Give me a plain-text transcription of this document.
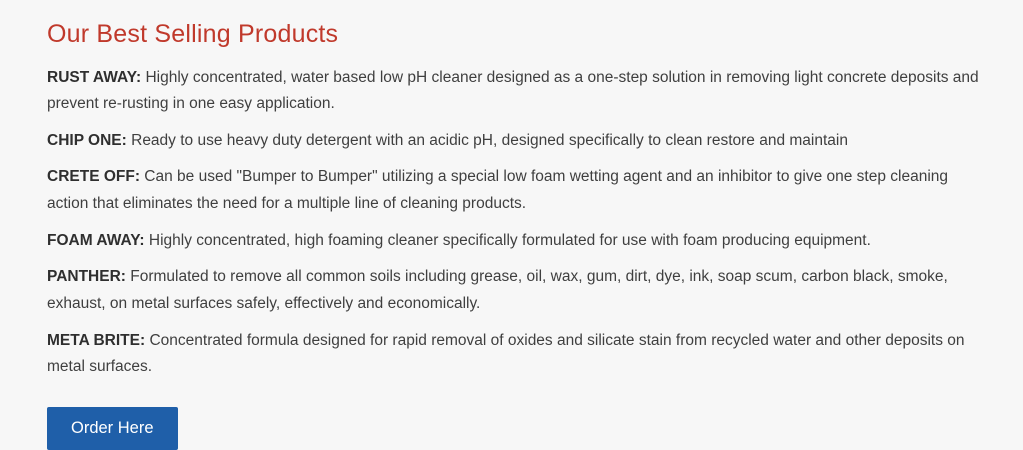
Our Best Selling Products
RUST AWAY: Highly concentrated, water based low pH cleaner designed as a one-step solution in removing light concrete deposits and prevent re-rusting in one easy application.
CHIP ONE: Ready to use heavy duty detergent with an acidic pH, designed specifically to clean restore and maintain
CRETE OFF: Can be used "Bumper to Bumper" utilizing a special low foam wetting agent and an inhibitor to give one step cleaning action that eliminates the need for a multiple line of cleaning products.
FOAM AWAY: Highly concentrated, high foaming cleaner specifically formulated for use with foam producing equipment.
PANTHER: Formulated to remove all common soils including grease, oil, wax, gum, dirt, dye, ink, soap scum, carbon black, smoke, exhaust, on metal surfaces safely, effectively and economically.
META BRITE: Concentrated formula designed for rapid removal of oxides and silicate stain from recycled water and other deposits on metal surfaces.
Order Here
